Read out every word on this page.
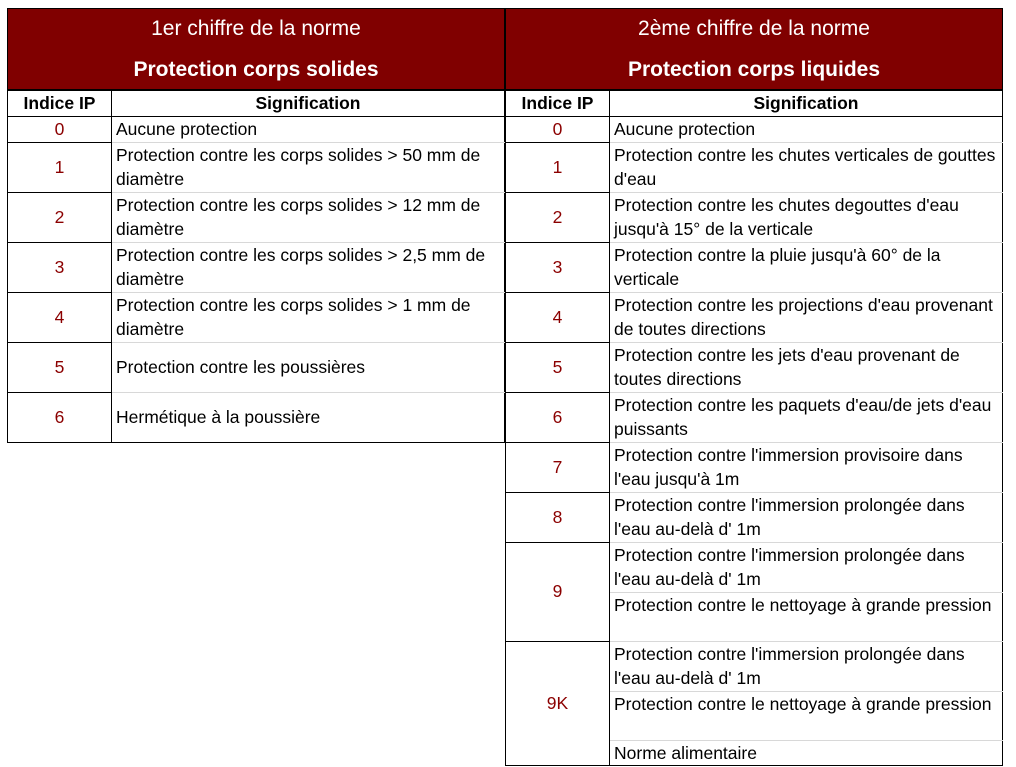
1er chiffre de la norme
Protection corps solides
Indice IP	Signification
0	Aucune protection
1	Protection contre les corps solides > 50 mm de diamètre
2	Protection contre les corps solides > 12 mm de diamètre
3	Protection contre les corps solides > 2,5 mm de diamètre
4	Protection contre les corps solides > 1 mm de diamètre
5	Protection contre les poussières
6	Hermétique à la poussière
2ème chiffre de la norme
Protection corps liquides
Indice IP	Signification
0	Aucune protection
1	Protection contre les chutes verticales de gouttes d'eau
2	Protection contre les chutes degouttes d'eau jusqu'à 15° de la verticale
3	Protection contre la pluie jusqu'à 60° de la verticale
4	Protection contre les projections d'eau provenant de toutes directions
5	Protection contre les jets d'eau provenant de toutes directions
6	Protection contre les paquets d'eau/de jets d'eau puissants
7	Protection contre l'immersion provisoire dans l'eau jusqu'à 1m
8	Protection contre l'immersion prolongée dans l'eau au-delà d' 1m
9	Protection contre l'immersion prolongée dans l'eau au-delà d' 1m
	Protection contre le nettoyage à grande pression
9K	Protection contre l'immersion prolongée dans l'eau au-delà d' 1m
	Protection contre le nettoyage à grande pression
	Norme alimentaire
